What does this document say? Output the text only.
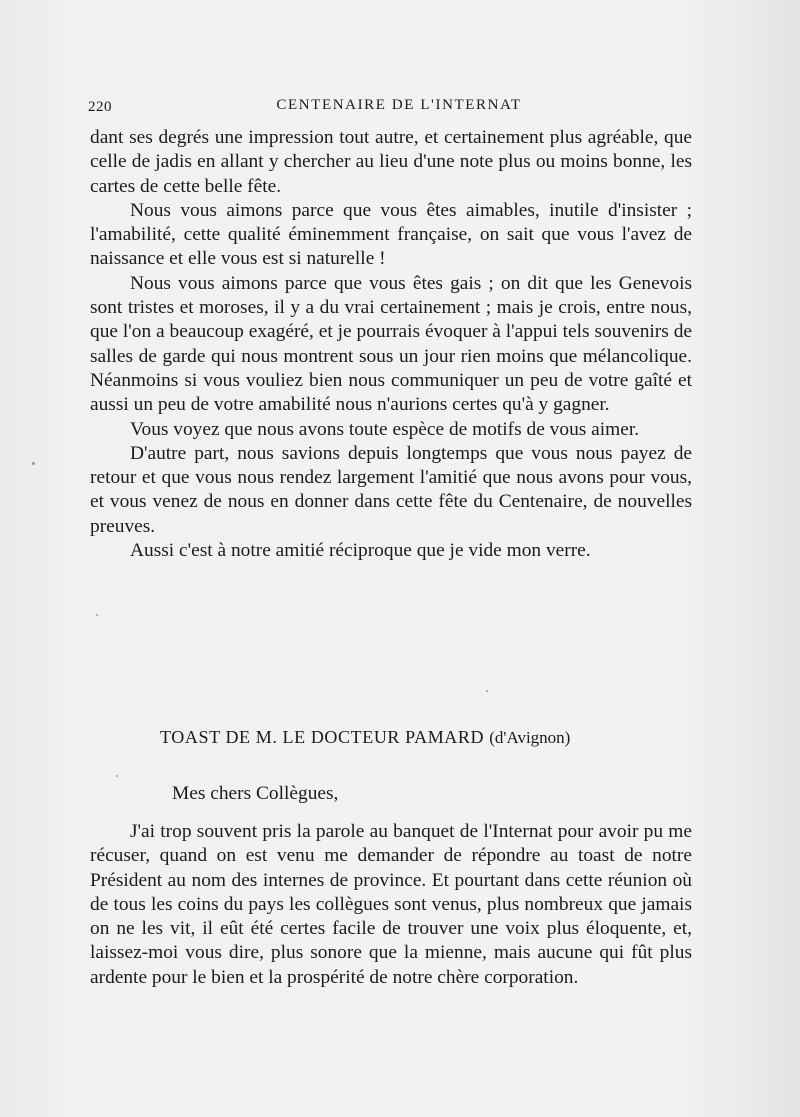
220	CENTENAIRE DE L'INTERNAT

dant ses degrés une impression tout autre, et certainement plus agréable, que celle de jadis en allant y chercher au lieu d'une note plus ou moins bonne, les cartes de cette belle fête.

Nous vous aimons parce que vous êtes aimables, inutile d'insister ; l'amabilité, cette qualité éminemment française, on sait que vous l'avez de naissance et elle vous est si naturelle !

Nous vous aimons parce que vous êtes gais ; on dit que les Genevois sont tristes et moroses, il y a du vrai certainement ; mais je crois, entre nous, que l'on a beaucoup exagéré, et je pourrais évoquer à l'appui tels souvenirs de salles de garde qui nous montrent sous un jour rien moins que mélancolique. Néanmoins si vous vouliez bien nous communiquer un peu de votre gaîté et aussi un peu de votre amabilité nous n'aurions certes qu'à y gagner.

Vous voyez que nous avons toute espèce de motifs de vous aimer.

D'autre part, nous savions depuis longtemps que vous nous payez de retour et que vous nous rendez largement l'amitié que nous avons pour vous, et vous venez de nous en donner dans cette fête du Centenaire, de nouvelles preuves.

Aussi c'est à notre amitié réciproque que je vide mon verre.

TOAST DE M. LE DOCTEUR PAMARD (d'Avignon)
Mes chers Collègues,

J'ai trop souvent pris la parole au banquet de l'Internat pour avoir pu me récuser, quand on est venu me demander de répondre au toast de notre Président au nom des internes de province. Et pourtant dans cette réunion où de tous les coins du pays les collègues sont venus, plus nombreux que jamais on ne les vit, il eût été certes facile de trouver une voix plus éloquente, et, laissez-moi vous dire, plus sonore que la mienne, mais aucune qui fût plus ardente pour le bien et la prospérité de notre chère corporation.
